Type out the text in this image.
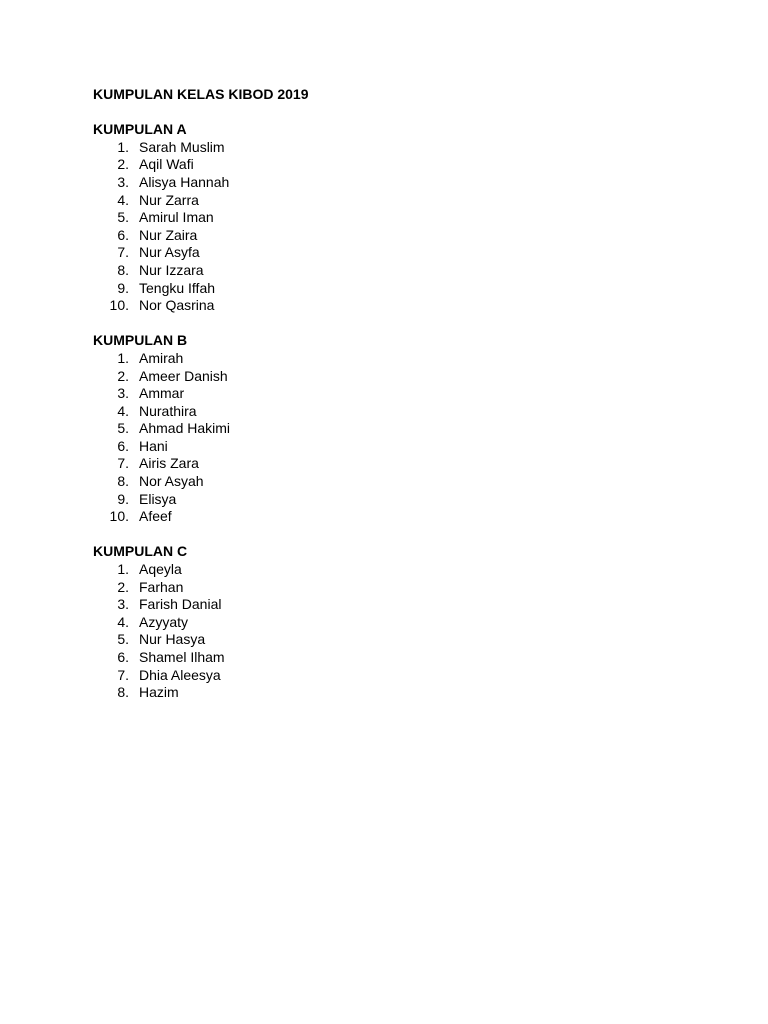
KUMPULAN KELAS KIBOD 2019

KUMPULAN A

1. Sarah Muslim
2. Aqil Wafi
3. Alisya Hannah
4. Nur Zarra
5. Amirul Iman
6. Nur Zaira
7. Nur Asyfa
8. Nur Izzara
9. Tengku Iffah
10. Nor Qasrina

KUMPULAN B

1. Amirah
2. Ameer Danish
3. Ammar
4. Nurathira
5. Ahmad Hakimi
6. Hani
7. Airis Zara
8. Nor Asyah
9. Elisya
10. Afeef

KUMPULAN C

1. Aqeyla
2. Farhan
3. Farish Danial
4. Azyyaty
5. Nur Hasya
6. Shamel Ilham
7. Dhia Aleesya
8. Hazim
